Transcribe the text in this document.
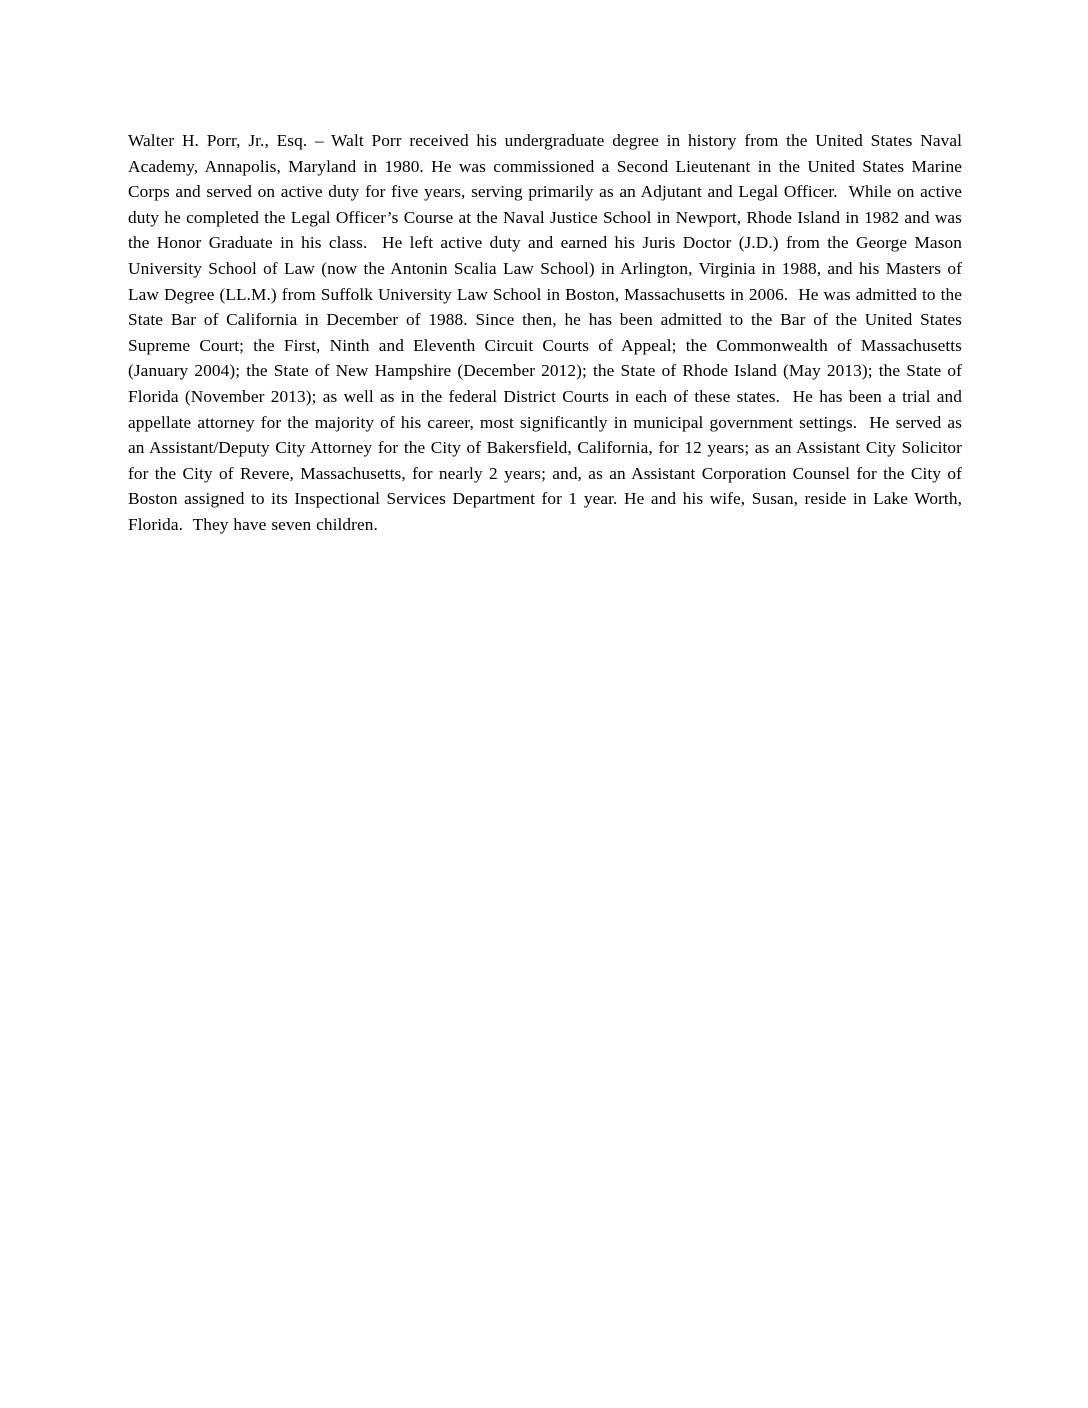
Walter H. Porr, Jr., Esq. – Walt Porr received his undergraduate degree in history from the United States Naval Academy, Annapolis, Maryland in 1980. He was commissioned a Second Lieutenant in the United States Marine Corps and served on active duty for five years, serving primarily as an Adjutant and Legal Officer.  While on active duty he completed the Legal Officer’s Course at the Naval Justice School in Newport, Rhode Island in 1982 and was the Honor Graduate in his class.  He left active duty and earned his Juris Doctor (J.D.) from the George Mason University School of Law (now the Antonin Scalia Law School) in Arlington, Virginia in 1988, and his Masters of Law Degree (LL.M.) from Suffolk University Law School in Boston, Massachusetts in 2006.  He was admitted to the State Bar of California in December of 1988. Since then, he has been admitted to the Bar of the United States Supreme Court; the First, Ninth and Eleventh Circuit Courts of Appeal; the Commonwealth of Massachusetts (January 2004); the State of New Hampshire (December 2012); the State of Rhode Island (May 2013); the State of Florida (November 2013); as well as in the federal District Courts in each of these states.  He has been a trial and appellate attorney for the majority of his career, most significantly in municipal government settings.  He served as an Assistant/Deputy City Attorney for the City of Bakersfield, California, for 12 years; as an Assistant City Solicitor for the City of Revere, Massachusetts, for nearly 2 years; and, as an Assistant Corporation Counsel for the City of Boston assigned to its Inspectional Services Department for 1 year. He and his wife, Susan, reside in Lake Worth, Florida.  They have seven children.
